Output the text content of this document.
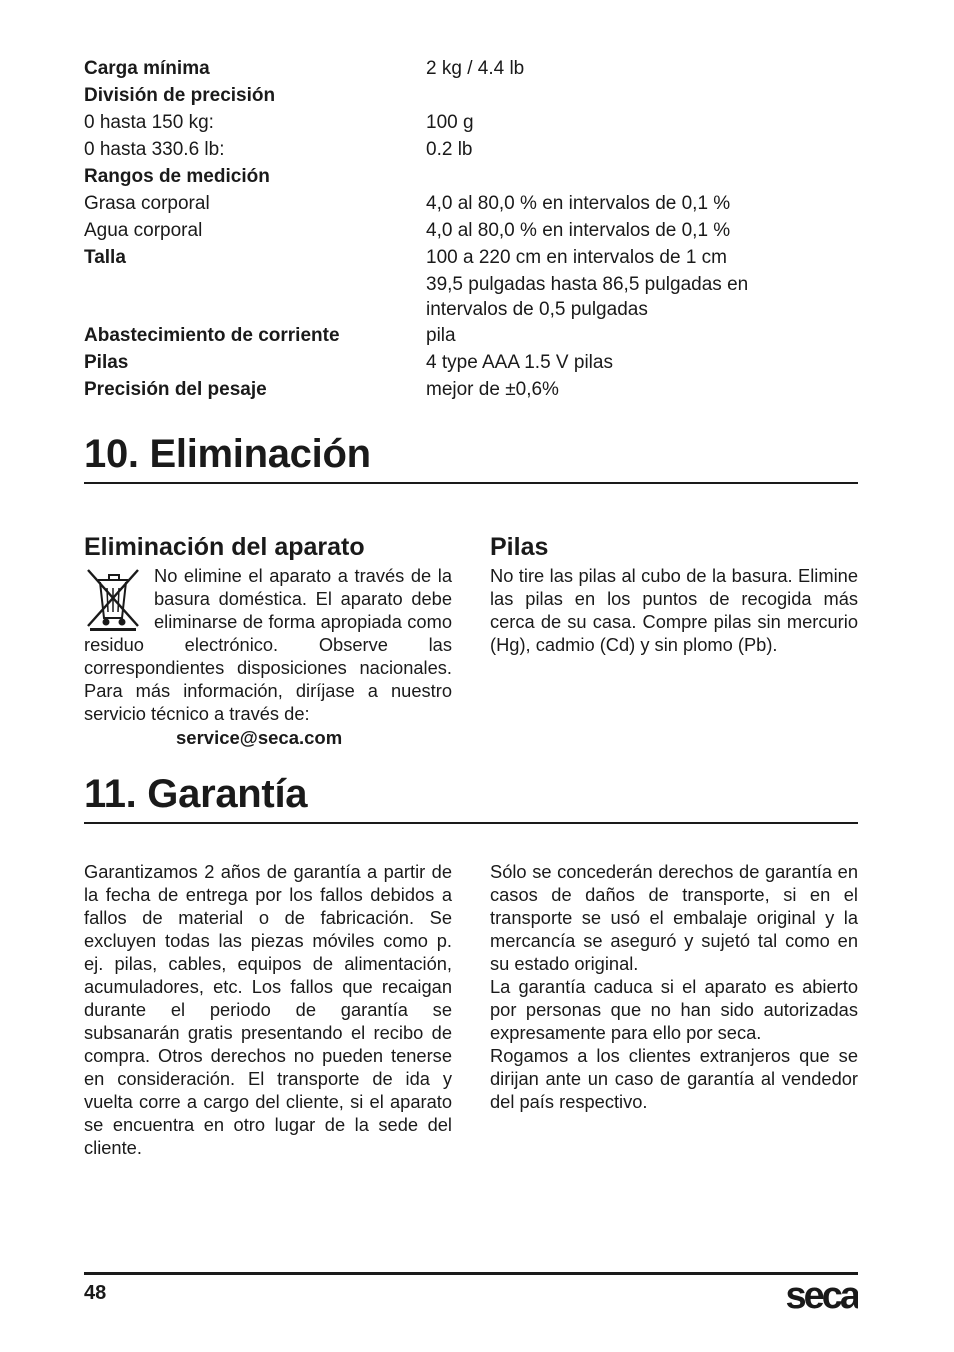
Carga mínima	2 kg / 4.4 lb
División de precisión
0 hasta 150 kg:	100 g
0 hasta 330.6 lb:	0.2 lb
Rangos de medición
Grasa corporal	4,0 al 80,0 % en intervalos de 0,1 %
Agua corporal	4,0 al 80,0 % en intervalos de 0,1 %
Talla	100 a 220 cm en intervalos de 1 cm
39,5 pulgadas hasta 86,5 pulgadas en
intervalos de 0,5 pulgadas
Abastecimiento de corriente	pila
Pilas	4 type AAA 1.5 V pilas
Precisión del pesaje	mejor de ±0,6%
10. Eliminación
Eliminación del aparato
No elimine el aparato a través de la basura doméstica. El aparato debe eliminarse de forma apropiada como residuo electrónico. Observe las correspondientes disposiciones nacionales. Para más información, diríjase a nuestro servicio técnico a través de:
service@seca.com
Pilas

No tire las pilas al cubo de la basura. Elimine las pilas en los puntos de recogida más cerca de su casa. Compre pilas sin mercurio (Hg), cadmio (Cd) y sin plomo (Pb).

11. Garantía

Garantizamos 2 años de garantía a partir de la fecha de entrega por los fallos debidos a fallos de material o de fabricación. Se excluyen todas las piezas móviles como p. ej. pilas, cables, equipos de alimentación, acumuladores, etc. Los fallos que recaigan durante el periodo de garantía se subsanarán gratis presentando el recibo de compra. Otros derechos no pueden tenerse en consideración. El transporte de ida y vuelta corre a cargo del cliente, si el aparato se encuentra en otro lugar de la sede del cliente.

Sólo se concederán derechos de garantía en casos de daños de transporte, si en el transporte se usó el embalaje original y la mercancía se aseguró y sujetó tal como en su estado original.

La garantía caduca si el aparato es abierto por personas que no han sido autorizadas expresamente para ello por seca.

Rogamos a los clientes extranjeros que se dirijan ante un caso de garantía al vendedor del país respectivo.

48	seca
